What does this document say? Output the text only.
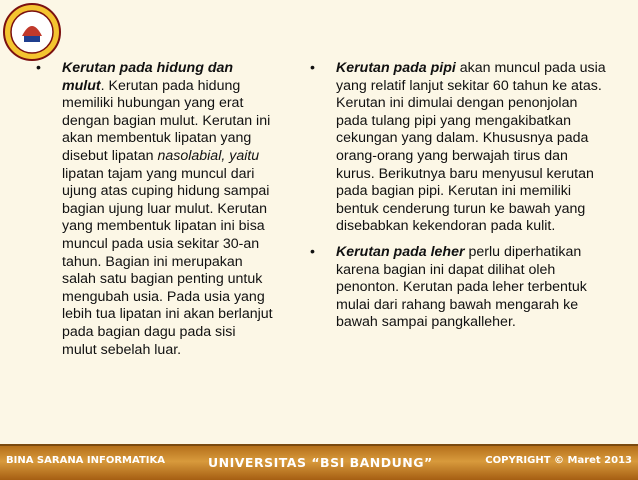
• Kerutan pada hidung dan mulut. Kerutan pada hidung memiliki hubungan yang erat dengan bagian mulut. Kerutan ini akan membentuk lipatan yang disebut lipatan nasolabial, yaitu lipatan tajam yang muncul dari ujung atas cuping hidung sampai bagian ujung luar mulut. Kerutan yang membentuk lipatan ini bisa muncul pada usia sekitar 30-an tahun. Bagian ini merupakan salah satu bagian penting untuk mengubah usia. Pada usia yang lebih tua lipatan ini akan berlanjut pada bagian dagu pada sisi mulut sebelah luar.
• Kerutan pada pipi akan muncul pada usia yang relatif lanjut sekitar 60 tahun ke atas. Kerutan ini dimulai dengan penonjolan pada tulang pipi yang mengakibatkan cekungan yang dalam. Khususnya pada orang-orang yang berwajah tirus dan kurus. Berikutnya baru menyusul kerutan pada bagian pipi. Kerutan ini memiliki bentuk cenderung turun ke bawah yang disebabkan kekendoran pada kulit.
• Kerutan pada leher perlu diperhatikan karena bagian ini dapat dilihat oleh penonton. Kerutan pada leher terbentuk mulai dari rahang bawah mengarah ke bawah sampai pangkalleher.
BINA SARANA INFORMATIKA	UNIVERSITAS “BSI BANDUNG”	COPYRIGHT © Maret 2013
